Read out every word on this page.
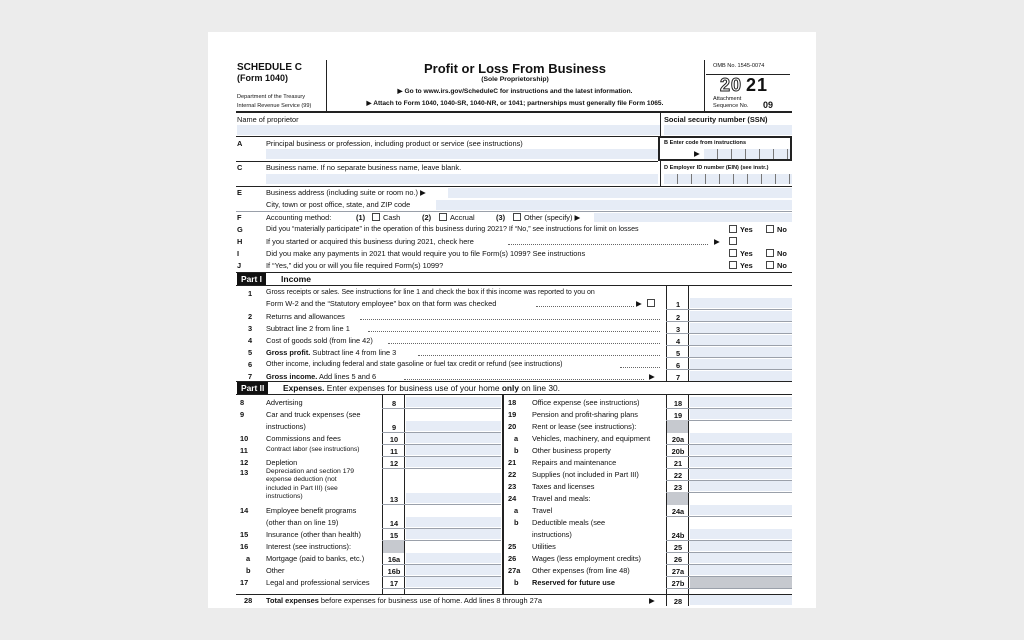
SCHEDULE C
(Form 1040)
Department of the Treasury
Internal Revenue Service (99)
Profit or Loss From Business
(Sole Proprietorship)
▶ Go to www.irs.gov/ScheduleC for instructions and the latest information.
▶ Attach to Form 1040, 1040-SR, 1040-NR, or 1041; partnerships must generally file Form 1065.
OMB No. 1545-0074
20 21
Attachment
Sequence No. 09
Name of proprietor	Social security number (SSN)
A	Principal business or profession, including product or service (see instructions)	B Enter code from instructions
▶
C	Business name. If no separate business name, leave blank.	D Employer ID number (EIN) (see instr.)
E	Business address (including suite or room no.) ▶
City, town or post office, state, and ZIP code
F	Accounting method:	(1) Cash	(2)	Accrual	(3)	Other (specify) ▶
G	Did you “materially participate” in the operation of this business during 2021? If “No,” see instructions for limit on losses	Yes	No
H	If you started or acquired this business during 2021, check here	▶
I	Did you make any payments in 2021 that would require you to file Form(s) 1099? See instructions	Yes	No
J	If “Yes,” did you or will you file required Form(s) 1099?	Yes	No
Part I	Income
1 Gross receipts or sales. See instructions for line 1 and check the box if this income was reported to you on
Form W-2 and the “Statutory employee” box on that form was checked	▶	1
2 Returns and allowances	2
3 Subtract line 2 from line 1	3
4 Cost of goods sold (from line 42)	4
5 Gross profit. Subtract line 4 from line 3	5
6 Other income, including federal and state gasoline or fuel tax credit or refund (see instructions)	6
7 Gross income. Add lines 5 and 6	▶	7
Part II	Expenses. Enter expenses for business use of your home only on line 30.
28 Total expenses before expenses for business use of home. Add lines 8 through 27a	▶	28
8	Advertising	8
9	Car and truck expenses (see
instructions)	9
10 Commissions and fees	10
11	Contract labor (see instructions)	11
12 Depletion	12
13	Depreciation and section 179
expense deduction (not
included in Part III) (see
instructions)	13
14 Employee benefit programs
(other than on line 19)	14
15 Insurance (other than health)	15
16 Interest (see instructions):
a Mortgage (paid to banks, etc.)	16a
b Other	16b
17 Legal and professional services	17
18 Office expense (see instructions)	18
19 Pension and profit-sharing plans	19
20 Rent or lease (see instructions):
a Vehicles, machinery, and equipment	20a
b Other business property	20b
21 Repairs and maintenance	21
22 Supplies (not included in Part III)	22
23 Taxes and licenses	23
24 Travel and meals:
a Travel	24a
b Deductible meals (see
instructions)	24b
25 Utilities	25
26 Wages (less employment credits)	26
27a Other expenses (from line 48)	27a
b Reserved for future use	27b
